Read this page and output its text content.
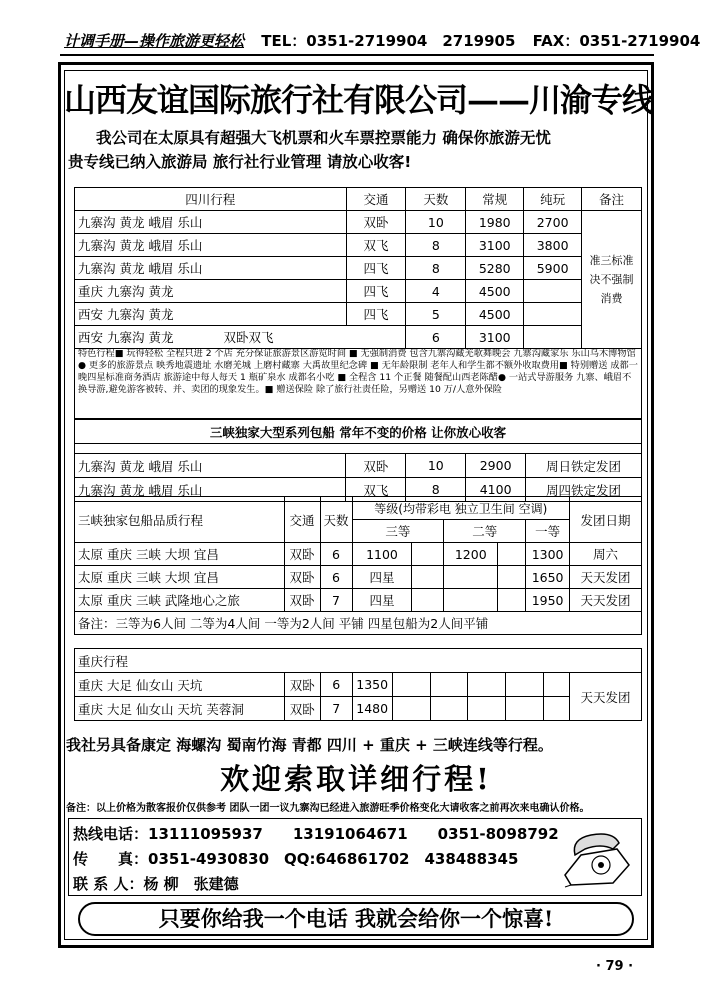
计调手册—操作旅游更轻松 TEL：0351-2719904　2719905 FAX：0351-2719904
山西友谊国际旅行社有限公司——川渝专线
我公司在太原具有超强大飞机票和火车票控票能力 确保你旅游无忧
贵专线已纳入旅游局 旅行社行业管理 请放心收客!
四川行程	交通	天数	常规	纯玩	备注
九寨沟 黄龙 峨眉 乐山	双卧	10	1980	2700	准三标准决不强制消费
九寨沟 黄龙 峨眉 乐山	双飞	8	3100	3800	
九寨沟 黄龙 峨眉 乐山	四飞	8	5280	5900	
重庆 九寨沟 黄龙	四飞	4	4500		
西安 九寨沟 黄龙	四飞	5	4500		
西安 九寨沟 黄龙　　　　双卧双飞		6	3100		
特色行程■ 玩得轻松 全程只进 2 个店 充分保证旅游景区游览时间 ■ 无强制消费 包含九寨沟藏羌歌舞晚会 九寨沟藏家乐 乐山乌木博物馆 ● 更多的旅游景点 映秀地震遗址 水磨羌城 上磨村藏寨 大禹故里纪念碑 ■ 无年龄限制 老年人和学生都不额外收取费用■ 特别赠送 成都一晚四星标准商务酒店 旅游途中每人每天 1 瓶矿泉水 成都名小吃 ■ 全程含 11 个正餐 随餐配山西老陈醋● 一站式导游服务 九寨、峨眉不换导游,避免游客被转、并、卖团的现象发生。■ 赠送保险 除了旅行社责任险，另赠送 10 万/人意外保险
三峡独家大型系列包船 常年不变的价格 让你放心收客				

九寨沟 黄龙 峨眉 乐山	双卧	10	2900	周日铁定发团
九寨沟 黄龙 峨眉 乐山	双飞	8	4100	周四铁定发团
三峡独家包船品质行程	交通	天数	等级(均带彩电 独立卫生间 空调)					发团日期
			三等		二等		一等	
太原 重庆 三峡 大坝 宜昌	双卧	6	1100		1200		1300	周六
太原 重庆 三峡 大坝 宜昌	双卧	6	四星				1650	天天发团
太原 重庆 三峡 武隆地心之旅	双卧	7	四星				1950	天天发团
备注：三等为6人间 二等为4人间 一等为2人间 平铺 四星包船为2人间平铺								
重庆行程									
重庆 大足 仙女山 天坑	双卧	6	1350						天天发团
重庆 大足 仙女山 天坑 芙蓉洞	双卧	7	1480						
我社另具备康定 海螺沟 蜀南竹海 青都 四川 + 重庆 + 三峡连线等行程。
欢迎索取详细行程!
备注：以上价格为散客报价仅供参考 团队一团一议九寨沟已经进入旅游旺季价格变化大请收客之前再次来电确认价格。
热线电话：13111095937　　13191064671　　0351-8098792
传　　真：0351-4930830　QQ:646861702　438488345
联 系 人：杨 柳　张建德
只要你给我一个电话 我就会给你一个惊喜!
· 79 ·
